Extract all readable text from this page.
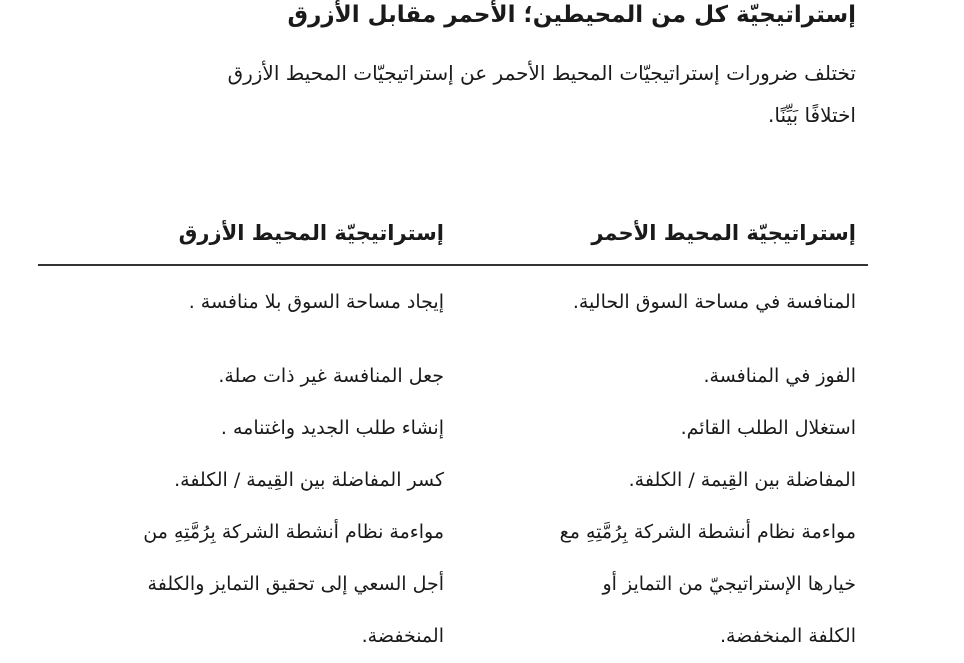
إستراتيجيّة كل من المحيطين؛ الأحمر مقابل الأزرق
تختلف ضرورات إستراتيجيّات المحيط الأحمر عن إستراتيجيّات المحيط الأزرق
اختلافًا بَيِّنًا.
إستراتيجيّة المحيط الأحمر
إستراتيجيّة المحيط الأزرق
المنافسة في مساحة السوق الحالية.
إيجاد مساحة السوق بلا منافسة .
الفوز في المنافسة.
جعل المنافسة غير ذات صلة.
استغلال الطلب القائم.
إنشاء طلب الجديد واغتنامه .
المفاضلة بين القِيمة / الكلفة.
كسر المفاضلة بين القِيمة / الكلفة.
مواءمة نظام أنشطة الشركة بِرُمَّتِهِ مع
مواءمة نظام أنشطة الشركة بِرُمَّتِهِ من
خيارها الإستراتيجيّ من التمايز أو
أجل السعي إلى تحقيق التمايز والكلفة
الكلفة المنخفضة.
المنخفضة.
